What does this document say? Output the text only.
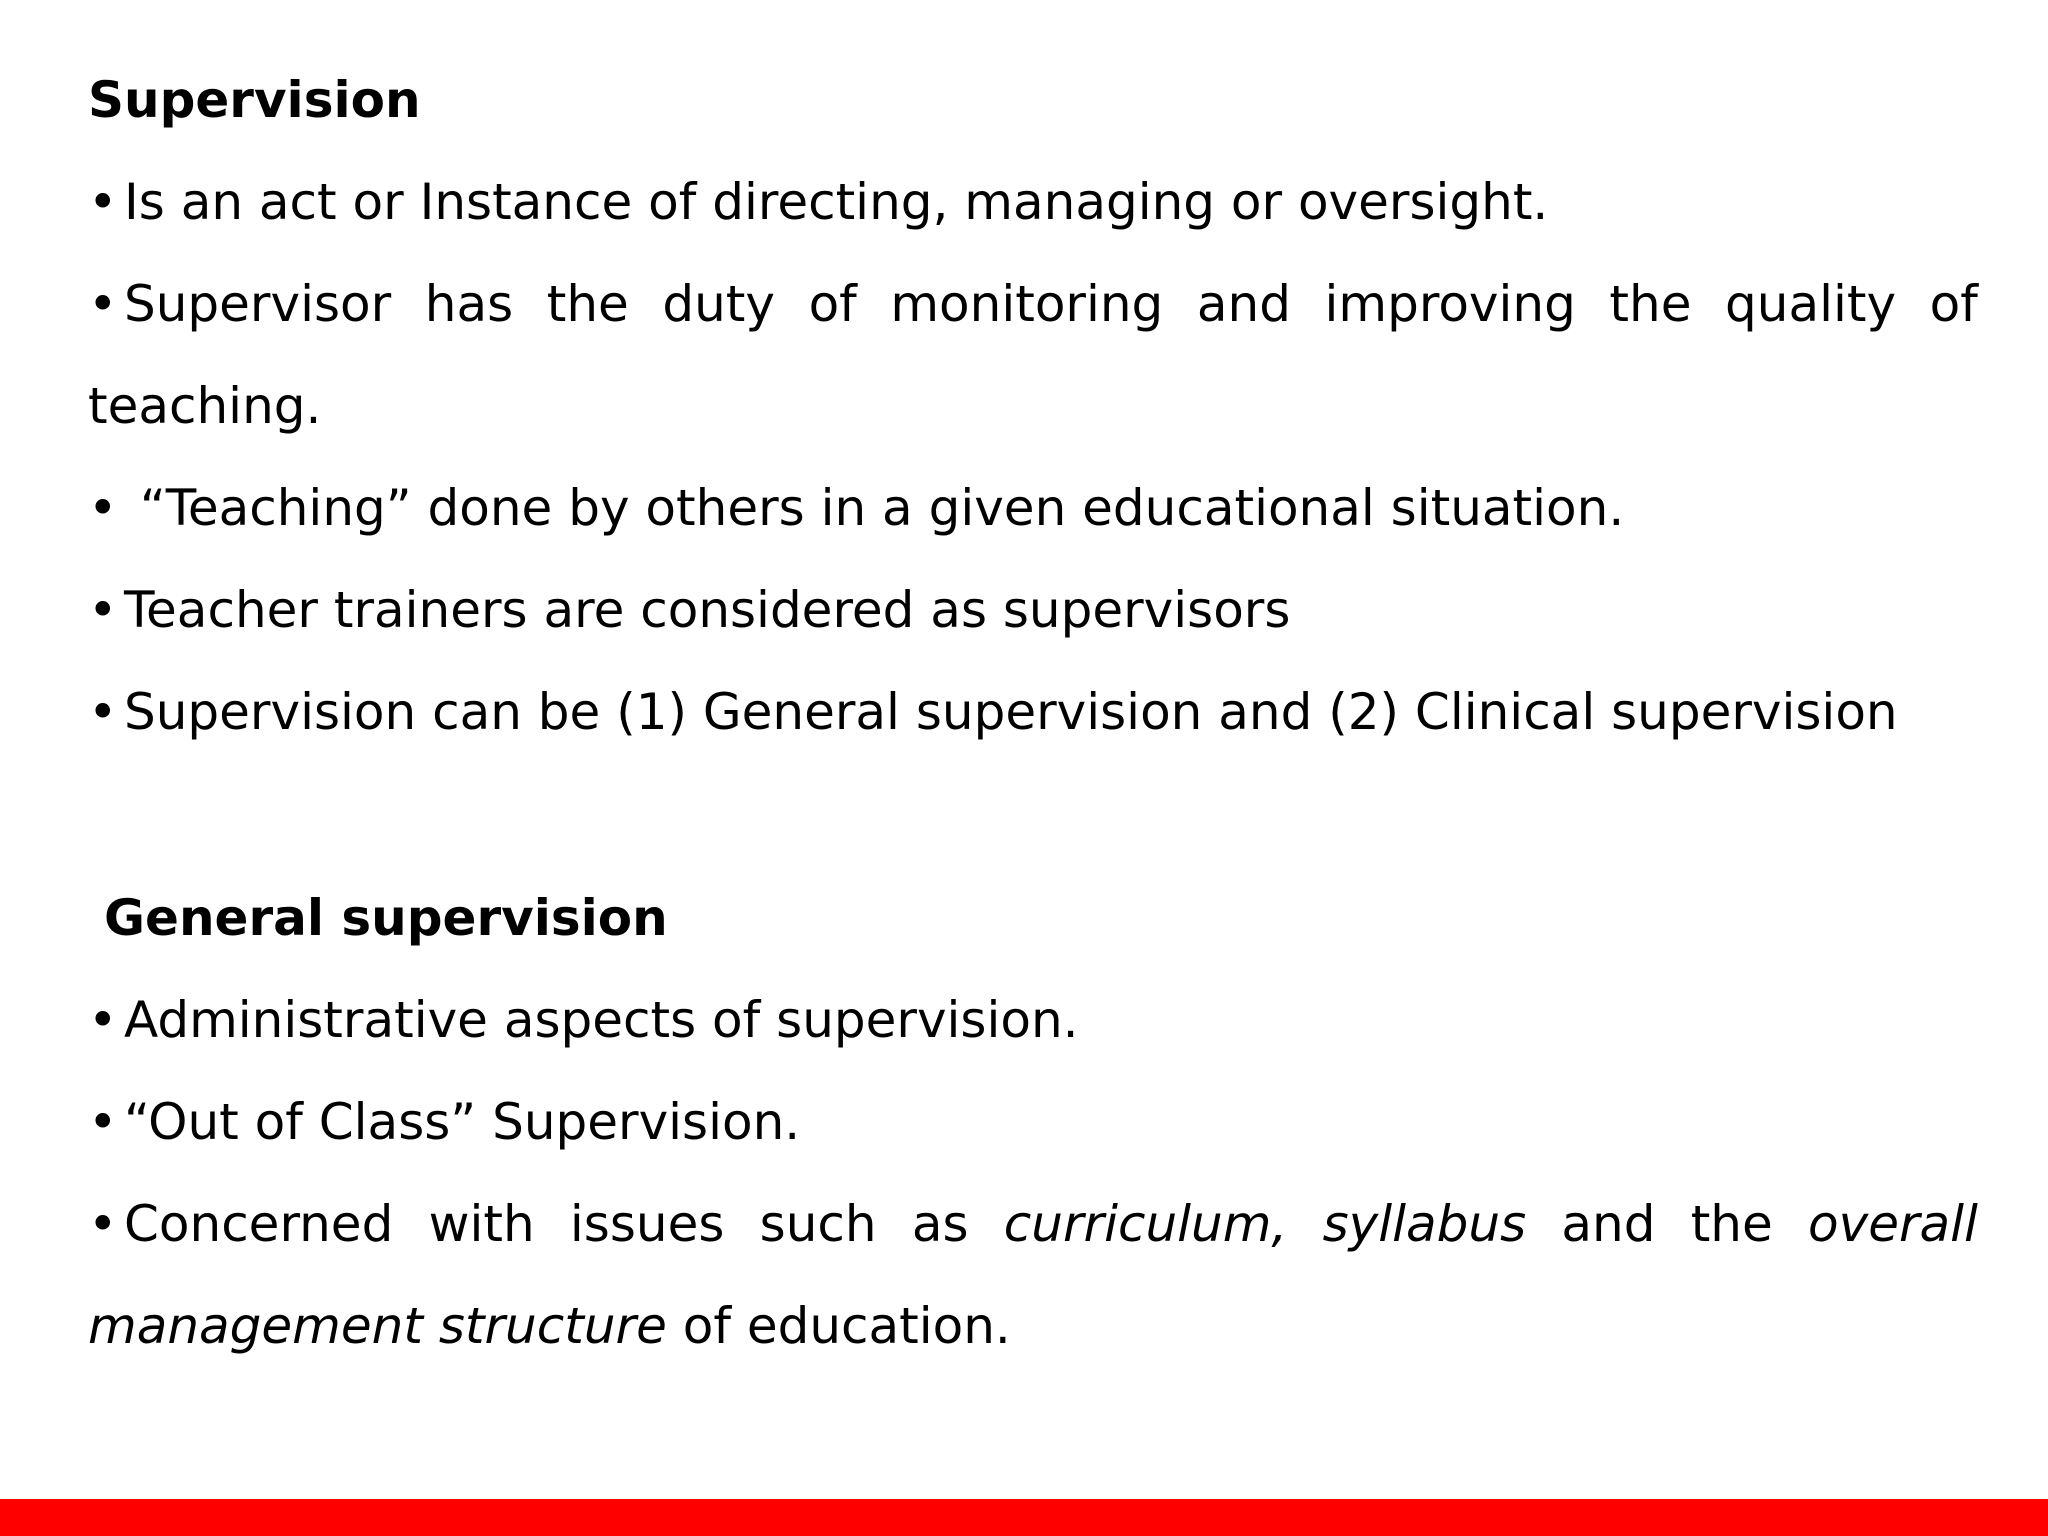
Supervision
• Is an act or Instance of directing, managing or oversight.
• Supervisor has the duty of monitoring and improving the quality of
teaching.
• “Teaching” done by others in a given educational situation.
• Teacher trainers are considered as supervisors
• Supervision can be (1) General supervision and (2) Clinical supervision
General supervision
• Administrative aspects of supervision.
• “Out of Class” Supervision.
• Concerned with issues such as curriculum, syllabus and the overall
management structure of education.
